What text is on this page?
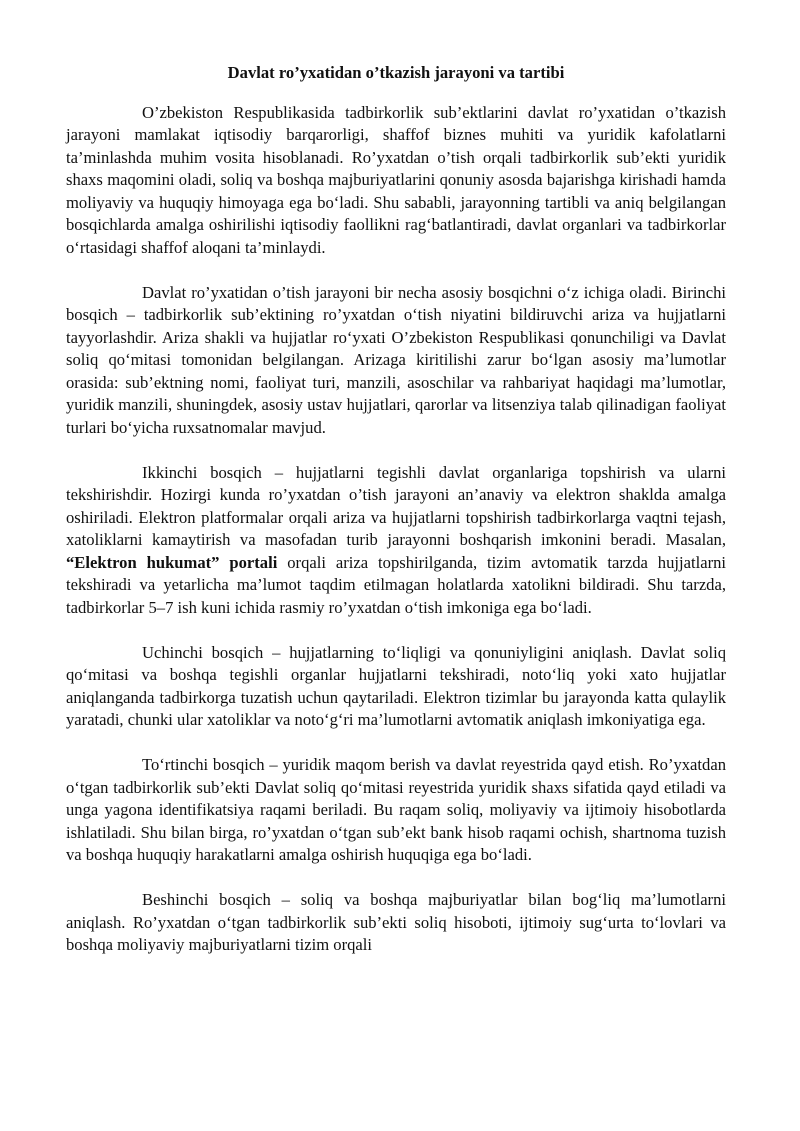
Davlat ro’yxatidan o’tkazish jarayoni va tartibi

O’zbekiston Respublikasida tadbirkorlik sub’ektlarini davlat ro’yxatidan o’tkazish jarayoni mamlakat iqtisodiy barqarorligi, shaffof biznes muhiti va yuridik kafolatlarni ta’minlashda muhim vosita hisoblanadi. Ro’yxatdan o’tish orqali tadbirkorlik sub’ekti yuridik shaxs maqomini oladi, soliq va boshqa majburiyatlarini qonuniy asosda bajarishga kirishadi hamda moliyaviy va huquqiy himoyaga ega bo‘ladi. Shu sababli, jarayonning tartibli va aniq belgilangan bosqichlarda amalga oshirilishi iqtisodiy faollikni rag‘batlantiradi, davlat organlari va tadbirkorlar o‘rtasidagi shaffof aloqani ta’minlaydi.

Davlat ro’yxatidan o’tish jarayoni bir necha asosiy bosqichni o‘z ichiga oladi. Birinchi bosqich – tadbirkorlik sub’ektining ro’yxatdan o‘tish niyatini bildiruvchi ariza va hujjatlarni tayyorlashdir. Ariza shakli va hujjatlar ro‘yxati O’zbekiston Respublikasi qonunchiligi va Davlat soliq qo‘mitasi tomonidan belgilangan. Arizaga kiritilishi zarur bo‘lgan asosiy ma’lumotlar orasida: sub’ektning nomi, faoliyat turi, manzili, asoschilar va rahbariyat haqidagi ma’lumotlar, yuridik manzili, shuningdek, asosiy ustav hujjatlari, qarorlar va litsenziya talab qilinadigan faoliyat turlari bo‘yicha ruxsatnomalar mavjud.

Ikkinchi bosqich – hujjatlarni tegishli davlat organlariga topshirish va ularni tekshirishdir. Hozirgi kunda ro’yxatdan o’tish jarayoni an’anaviy va elektron shaklda amalga oshiriladi. Elektron platformalar orqali ariza va hujjatlarni topshirish tadbirkorlarga vaqtni tejash, xatoliklarni kamaytirish va masofadan turib jarayonni boshqarish imkonini beradi. Masalan, “Elektron hukumat” portali orqali ariza topshirilganda, tizim avtomatik tarzda hujjatlarni tekshiradi va yetarlicha ma’lumot taqdim etilmagan holatlarda xatolikni bildiradi. Shu tarzda, tadbirkorlar 5–7 ish kuni ichida rasmiy ro’yxatdan o‘tish imkoniga ega bo‘ladi.

Uchinchi bosqich – hujjatlarning to‘liqligi va qonuniyligini aniqlash. Davlat soliq qo‘mitasi va boshqa tegishli organlar hujjatlarni tekshiradi, noto‘liq yoki xato hujjatlar aniqlanganda tadbirkorga tuzatish uchun qaytariladi. Elektron tizimlar bu jarayonda katta qulaylik yaratadi, chunki ular xatoliklar va noto‘g‘ri ma’lumotlarni avtomatik aniqlash imkoniyatiga ega.

To‘rtinchi bosqich – yuridik maqom berish va davlat reyestrida qayd etish. Ro’yxatdan o‘tgan tadbirkorlik sub’ekti Davlat soliq qo‘mitasi reyestrida yuridik shaxs sifatida qayd etiladi va unga yagona identifikatsiya raqami beriladi. Bu raqam soliq, moliyaviy va ijtimoiy hisobotlarda ishlatiladi. Shu bilan birga, ro’yxatdan o‘tgan sub’ekt bank hisob raqami ochish, shartnoma tuzish va boshqa huquqiy harakatlarni amalga oshirish huquqiga ega bo‘ladi.

Beshinchi bosqich – soliq va boshqa majburiyatlar bilan bog‘liq ma’lumotlarni aniqlash. Ro’yxatdan o‘tgan tadbirkorlik sub’ekti soliq hisoboti, ijtimoiy sug‘urta to‘lovlari va boshqa moliyaviy majburiyatlarni tizim orqali
